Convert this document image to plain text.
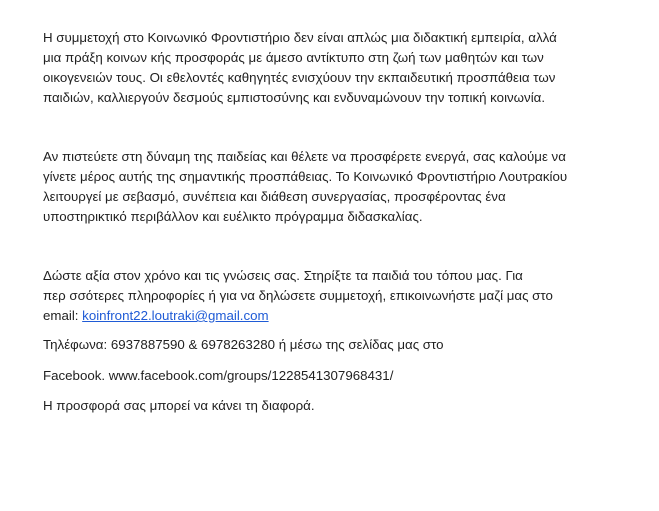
Η συμμετοχή στο Κοινωνικό Φροντιστήριο δεν είναι απλώς μια διδακτική εμπειρία, αλλά
μια πράξη κοινων κής προσφοράς με άμεσο αντίκτυπο στη ζωή των μαθητών και των
οικογενειών τους. Οι εθελοντές καθηγητές ενισχύουν την εκπαιδευτική προσπάθεια των
παιδιών, καλλιεργούν δεσμούς εμπιστοσύνης και ενδυναμώνουν την τοπική κοινωνία.
Αν πιστεύετε στη δύναμη της παιδείας και θέλετε να προσφέρετε ενεργά, σας καλούμε να
γίνετε μέρος αυτής της σημαντικής προσπάθειας. Το Κοινωνικό Φροντιστήριο Λουτρακίου
λειτουργεί με σεβασμό, συνέπεια και διάθεση συνεργασίας, προσφέροντας ένα
υποστηρικτικό περιβάλλον και ευέλικτο πρόγραμμα διδασκαλίας.
Δώστε αξία στον χρόνο και τις γνώσεις σας. Στηρίξτε τα παιδιά του τόπου μας. Για
περ σσότερες πληροφορίες ή για να δηλώσετε συμμετοχή, επικοινωνήστε μαζί μας στο
email: koinfront22.loutraki@gmail.com
Τηλέφωνα: 6937887590 & 6978263280 ή μέσω της σελίδας μας στο
Facebook. www.facebook.com/groups/1228541307968431/
Η προσφορά σας μπορεί να κάνει τη διαφορά.
